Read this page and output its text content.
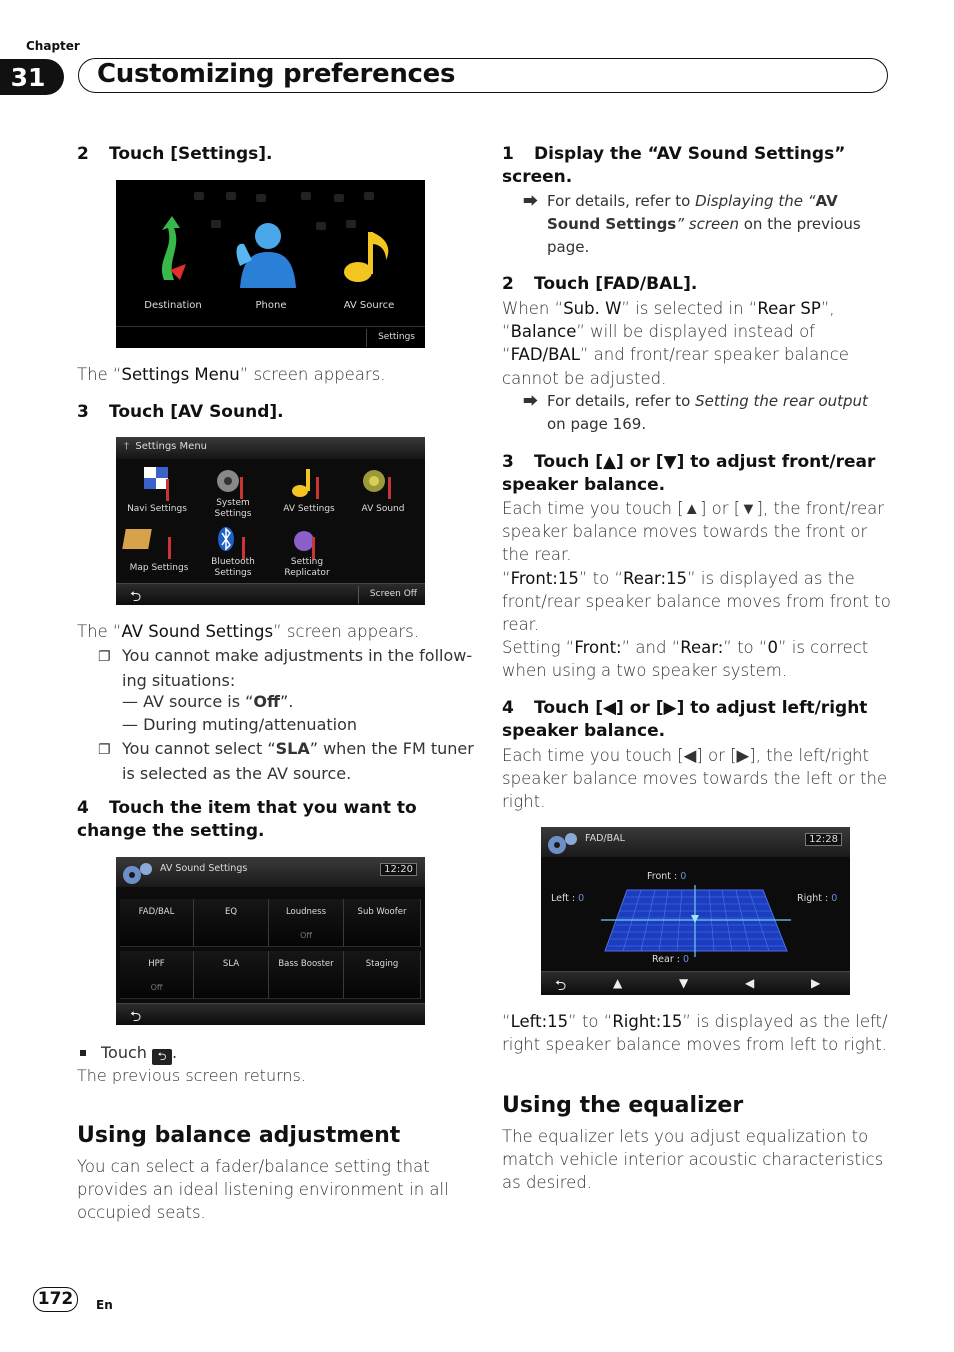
Chapter
31	Customizing preferences
2 Touch [Settings].
Destination	Phone	AV Source
Settings
The “Settings Menu” screen appears.
3 Touch [AV Sound].
†  Settings Menu
Navi Settings
System Settings	AV Settings	AV Sound
Map Settings
Bluetooth Settings
Setting Replicator
⮌	Screen Off
The “AV Sound Settings” screen appears.
❐ You cannot make adjustments in the follow-
ing situations:
— AV source is “Off”.
— During muting/attenuation
❐ You cannot select “SLA” when the FM tuner
is selected as the AV source.
4 Touch the item that you want to
change the setting.
AV Sound Settings	12:20
FAD/BAL	EQ	Loudness
Off
Sub Woofer
HPF
Off
SLA	Bass Booster	Staging
⮌
Touch ⮌ .
The previous screen returns.
Using balance adjustment
You can select a fader/balance setting that
provides an ideal listening environment in all
occupied seats.
1 Display the “AV Sound Settings”
screen.
⮕ For details, refer to Displaying the “AV
Sound Settings” screen on the previous
page.
2 Touch [FAD/BAL].
When “Sub. W” is selected in “Rear SP”,
“Balance” will be displayed instead of
“FAD/BAL” and front/rear speaker balance
cannot be adjusted.
⮕ For details, refer to Setting the rear output
on page 169.
3 Touch [▲] or [▼] to adjust front/rear
speaker balance.
Each time you touch [▲] or [▼], the front/rear
speaker balance moves towards the front or
the rear.
“Front:15” to “Rear:15” is displayed as the
front/rear speaker balance moves from front to
rear.
Setting “Front:” and “Rear:” to “0” is correct
when using a two speaker system.
4 Touch [◀] or [▶] to adjust left/right
speaker balance.
Each time you touch [◀] or [▶], the left/right
speaker balance moves towards the left or the
right.
FAD/BAL	12:28
Front : 0
Left : 0	Right : 0
Rear : 0
⮌	▲	▼	◀	▶
“Left:15” to “Right:15” is displayed as the left/
right speaker balance moves from left to right.
Using the equalizer
The equalizer lets you adjust equalization to
match vehicle interior acoustic characteristics
as desired.
172	En
